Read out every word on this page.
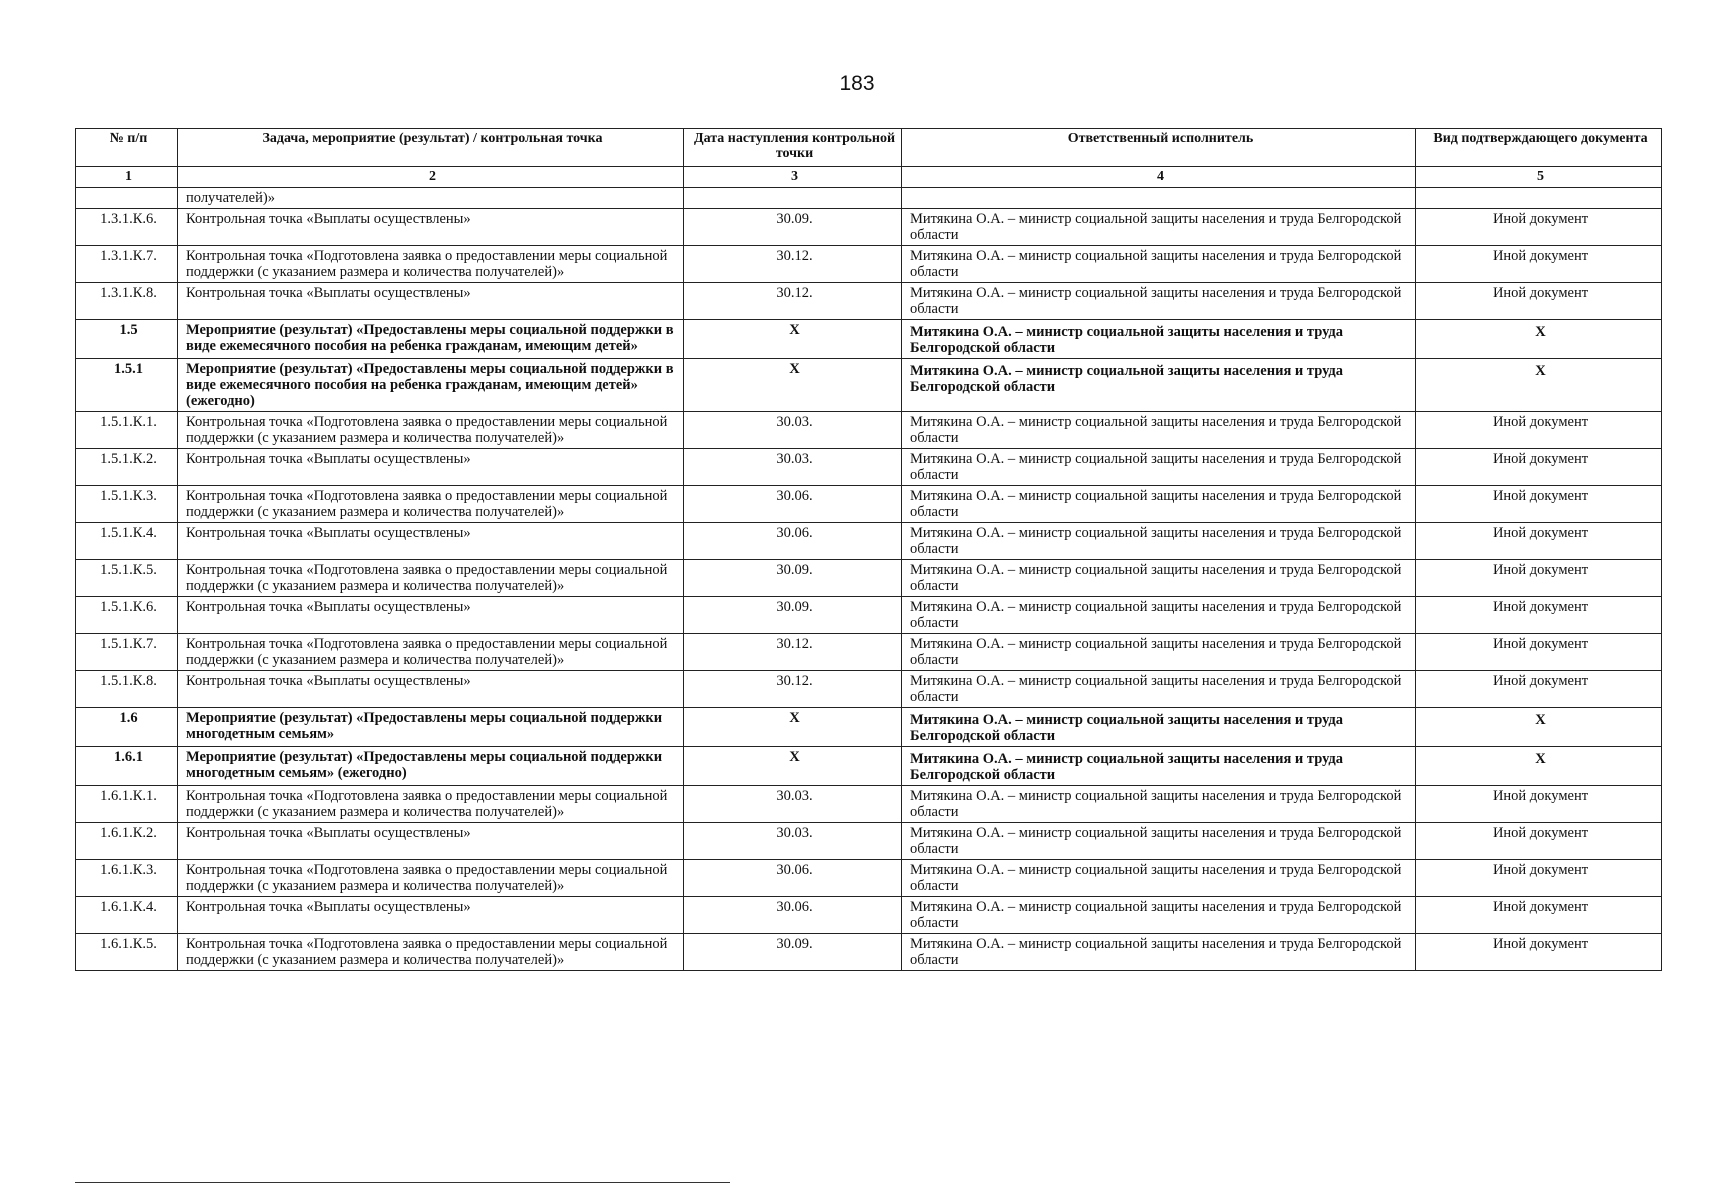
183
№ п/п	Задача, мероприятие (результат) / контрольная точка	Дата наступления контрольной точки	Ответственный исполнитель	Вид подтверждающего документа
1	2	3	4	5
	получателей)»			
1.3.1.К.6.	Контрольная точка «Выплаты осуществлены»	30.09.	Митякина О.А. – министр социальной защиты населения и труда Белгородской области	Иной документ
1.3.1.К.7.	Контрольная точка «Подготовлена заявка о предоставлении меры социальной поддержки (с указанием размера и количества получателей)»	30.12.	Митякина О.А. – министр социальной защиты населения и труда Белгородской области	Иной документ
1.3.1.К.8.	Контрольная точка «Выплаты осуществлены»	30.12.	Митякина О.А. – министр социальной защиты населения и труда Белгородской области	Иной документ
1.5	Мероприятие (результат) «Предоставлены меры социальной поддержки в виде ежемесячного пособия на ребенка гражданам, имеющим детей»	X	Митякина О.А. – министр социальной защиты населения и труда Белгородской области	X
1.5.1	Мероприятие (результат) «Предоставлены меры социальной поддержки в виде ежемесячного пособия на ребенка гражданам, имеющим детей» (ежегодно)	X	Митякина О.А. – министр социальной защиты населения и труда Белгородской области	X
1.5.1.К.1.	Контрольная точка «Подготовлена заявка о предоставлении меры социальной поддержки (с указанием размера и количества получателей)»	30.03.	Митякина О.А. – министр социальной защиты населения и труда Белгородской области	Иной документ
1.5.1.К.2.	Контрольная точка «Выплаты осуществлены»	30.03.	Митякина О.А. – министр социальной защиты населения и труда Белгородской области	Иной документ
1.5.1.К.3.	Контрольная точка «Подготовлена заявка о предоставлении меры социальной поддержки (с указанием размера и количества получателей)»	30.06.	Митякина О.А. – министр социальной защиты населения и труда Белгородской области	Иной документ
1.5.1.К.4.	Контрольная точка «Выплаты осуществлены»	30.06.	Митякина О.А. – министр социальной защиты населения и труда Белгородской области	Иной документ
1.5.1.К.5.	Контрольная точка «Подготовлена заявка о предоставлении меры социальной поддержки (с указанием размера и количества получателей)»	30.09.	Митякина О.А. – министр социальной защиты населения и труда Белгородской области	Иной документ
1.5.1.К.6.	Контрольная точка «Выплаты осуществлены»	30.09.	Митякина О.А. – министр социальной защиты населения и труда Белгородской области	Иной документ
1.5.1.К.7.	Контрольная точка «Подготовлена заявка о предоставлении меры социальной поддержки (с указанием размера и количества получателей)»	30.12.	Митякина О.А. – министр социальной защиты населения и труда Белгородской области	Иной документ
1.5.1.К.8.	Контрольная точка «Выплаты осуществлены»	30.12.	Митякина О.А. – министр социальной защиты населения и труда Белгородской области	Иной документ
1.6	Мероприятие (результат) «Предоставлены меры социальной поддержки многодетным семьям»	X	Митякина О.А. – министр социальной защиты населения и труда Белгородской области	X
1.6.1	Мероприятие (результат) «Предоставлены меры социальной поддержки многодетным семьям» (ежегодно)	X	Митякина О.А. – министр социальной защиты населения и труда Белгородской области	X
1.6.1.К.1.	Контрольная точка «Подготовлена заявка о предоставлении меры социальной поддержки (с указанием размера и количества получателей)»	30.03.	Митякина О.А. – министр социальной защиты населения и труда Белгородской области	Иной документ
1.6.1.К.2.	Контрольная точка «Выплаты осуществлены»	30.03.	Митякина О.А. – министр социальной защиты населения и труда Белгородской области	Иной документ
1.6.1.К.3.	Контрольная точка «Подготовлена заявка о предоставлении меры социальной поддержки (с указанием размера и количества получателей)»	30.06.	Митякина О.А. – министр социальной защиты населения и труда Белгородской области	Иной документ
1.6.1.К.4.	Контрольная точка «Выплаты осуществлены»	30.06.	Митякина О.А. – министр социальной защиты населения и труда Белгородской области	Иной документ
1.6.1.К.5.	Контрольная точка «Подготовлена заявка о предоставлении меры социальной поддержки (с указанием размера и количества получателей)»	30.09.	Митякина О.А. – министр социальной защиты населения и труда Белгородской области	Иной документ
